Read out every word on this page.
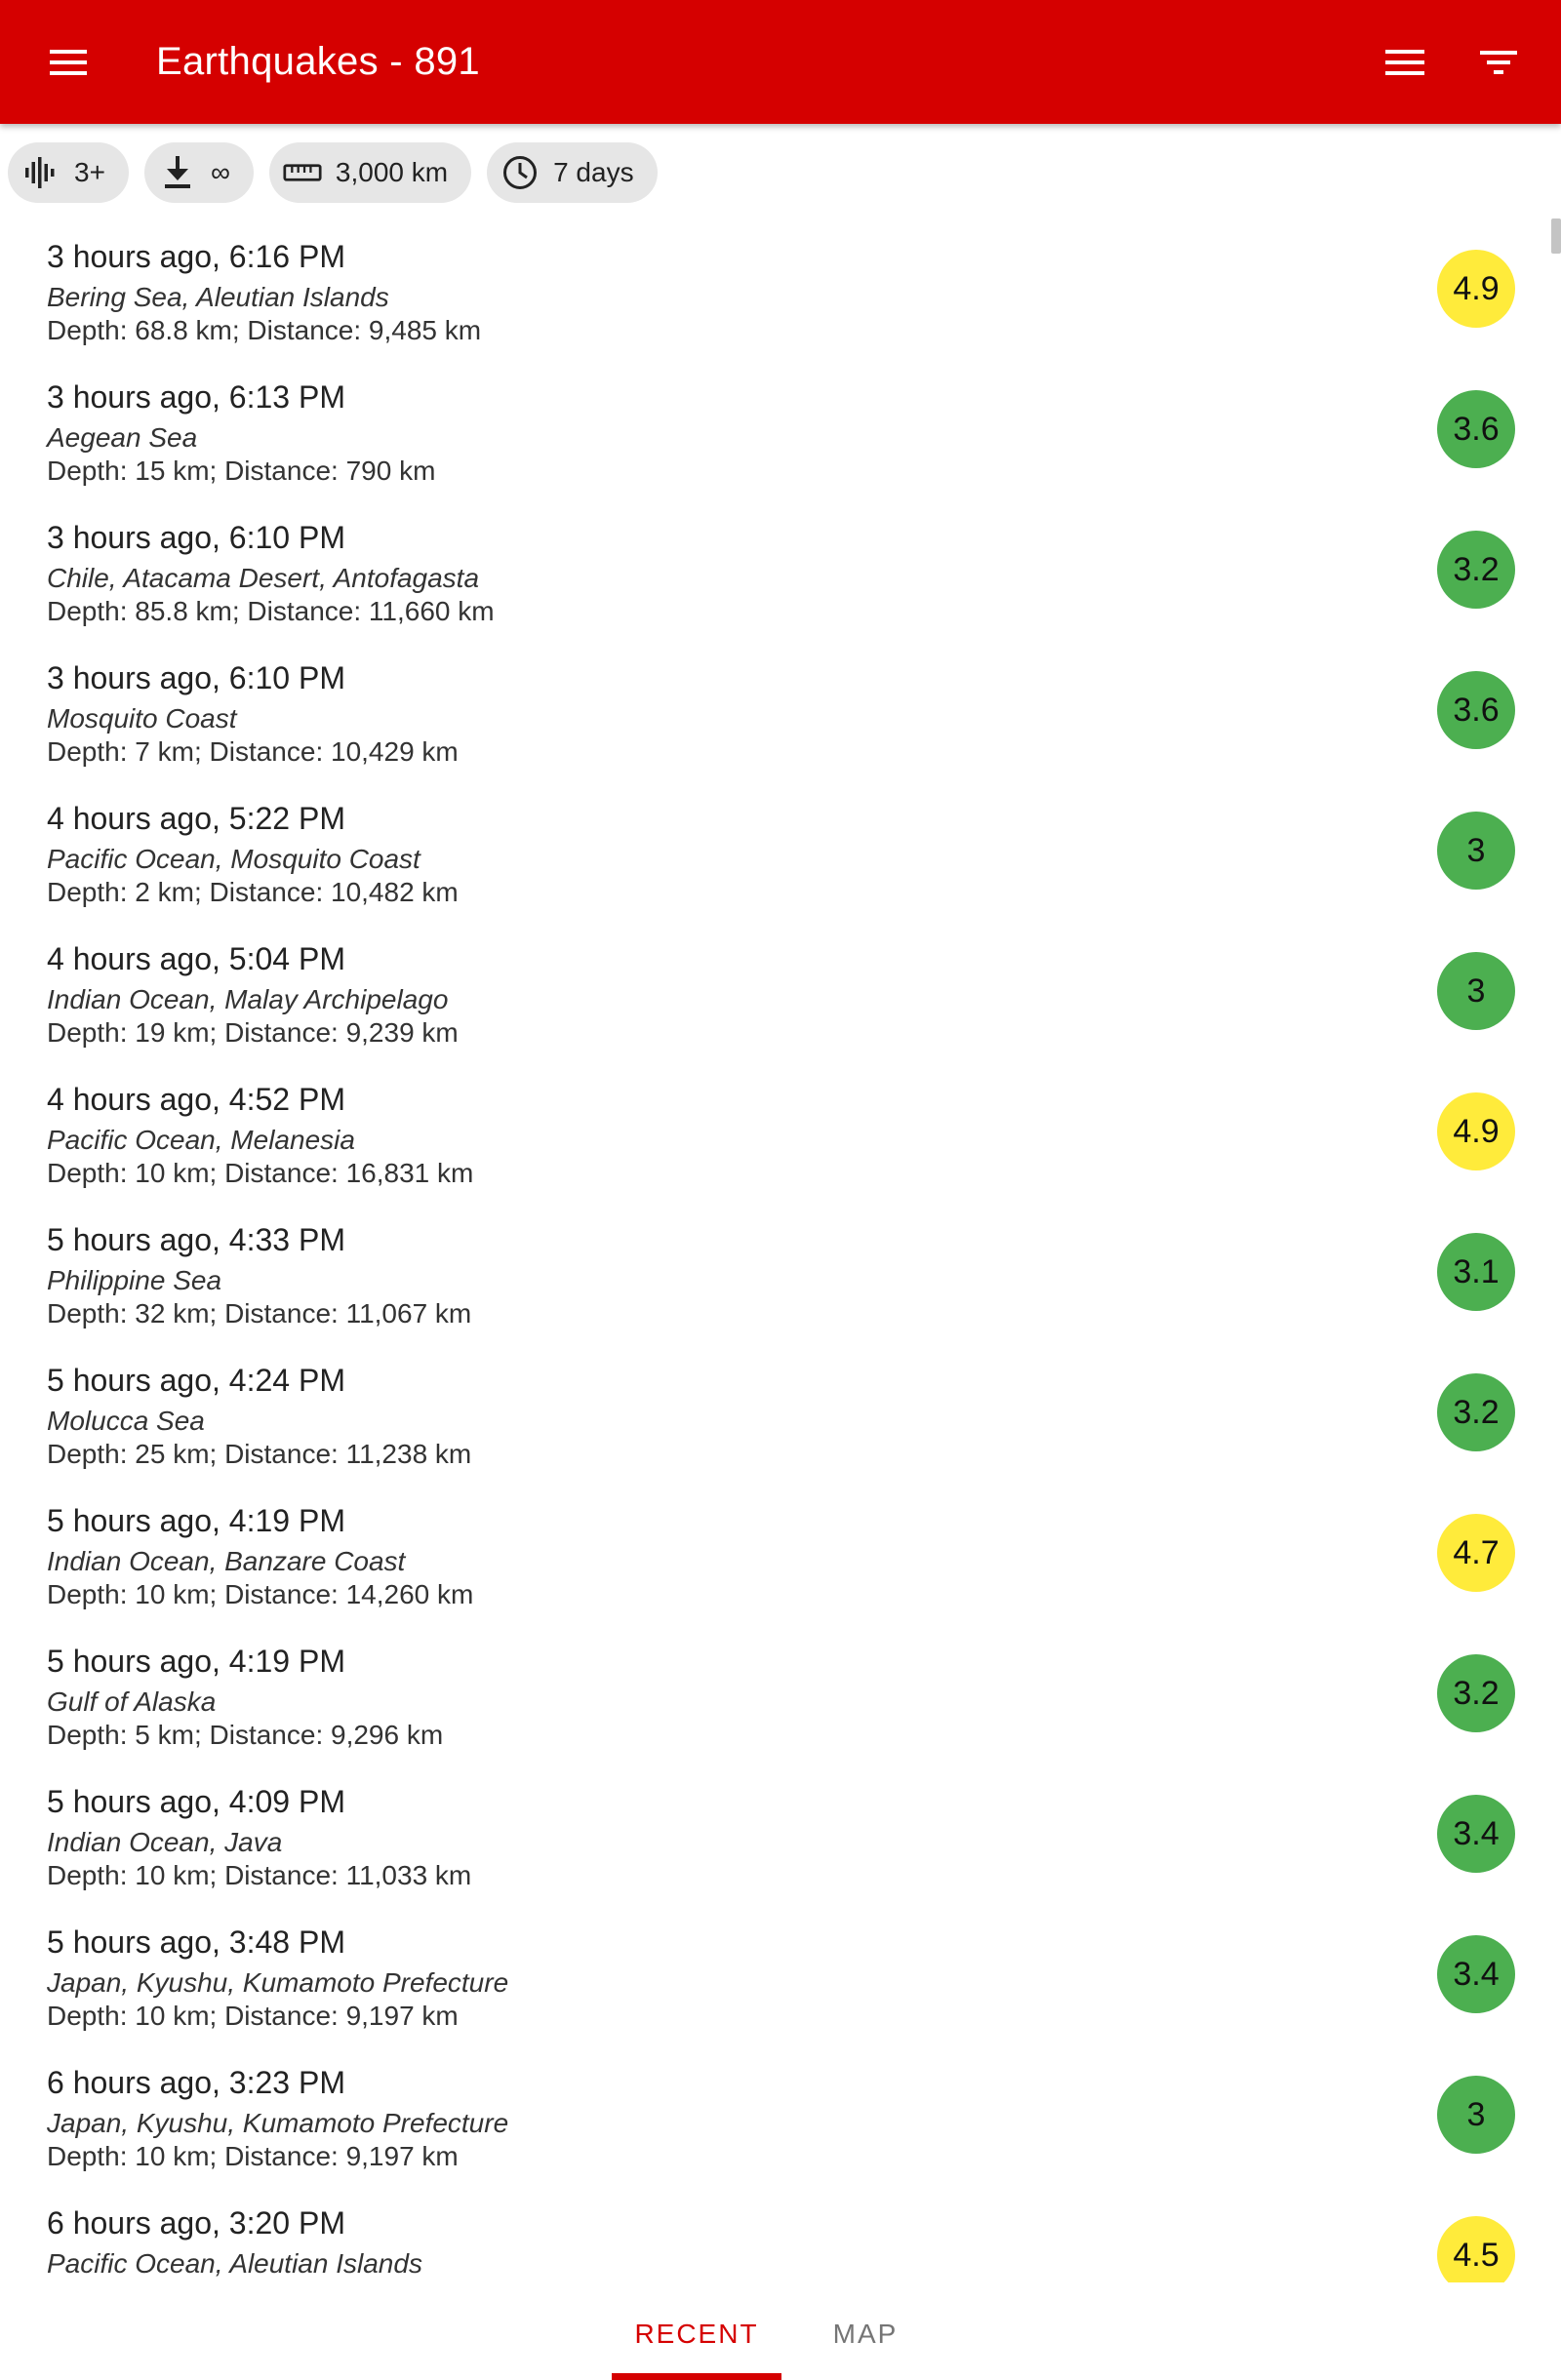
Earthquakes - 891
3+	∞	3,000 km	7 days
3 hours ago, 6:16 PM
Bering Sea, Aleutian Islands
Depth: 68.8 km; Distance: 9,485 km
4.9
3 hours ago, 6:13 PM
Aegean Sea
Depth: 15 km; Distance: 790 km
3.6
3 hours ago, 6:10 PM
Chile, Atacama Desert, Antofagasta
Depth: 85.8 km; Distance: 11,660 km
3.2
3 hours ago, 6:10 PM
Mosquito Coast
Depth: 7 km; Distance: 10,429 km
3.6
4 hours ago, 5:22 PM
Pacific Ocean, Mosquito Coast
Depth: 2 km; Distance: 10,482 km
3
4 hours ago, 5:04 PM
Indian Ocean, Malay Archipelago
Depth: 19 km; Distance: 9,239 km
3
4 hours ago, 4:52 PM
Pacific Ocean, Melanesia
Depth: 10 km; Distance: 16,831 km
4.9
5 hours ago, 4:33 PM
Philippine Sea
Depth: 32 km; Distance: 11,067 km
3.1
5 hours ago, 4:24 PM
Molucca Sea
Depth: 25 km; Distance: 11,238 km
3.2
5 hours ago, 4:19 PM
Indian Ocean, Banzare Coast
Depth: 10 km; Distance: 14,260 km
4.7
5 hours ago, 4:19 PM
Gulf of Alaska
Depth: 5 km; Distance: 9,296 km
3.2
5 hours ago, 4:09 PM
Indian Ocean, Java
Depth: 10 km; Distance: 11,033 km
3.4
5 hours ago, 3:48 PM
Japan, Kyushu, Kumamoto Prefecture
Depth: 10 km; Distance: 9,197 km
3.4
6 hours ago, 3:23 PM
Japan, Kyushu, Kumamoto Prefecture
Depth: 10 km; Distance: 9,197 km
3
6 hours ago, 3:20 PM
Pacific Ocean, Aleutian Islands	4.5
RECENT	MAP
